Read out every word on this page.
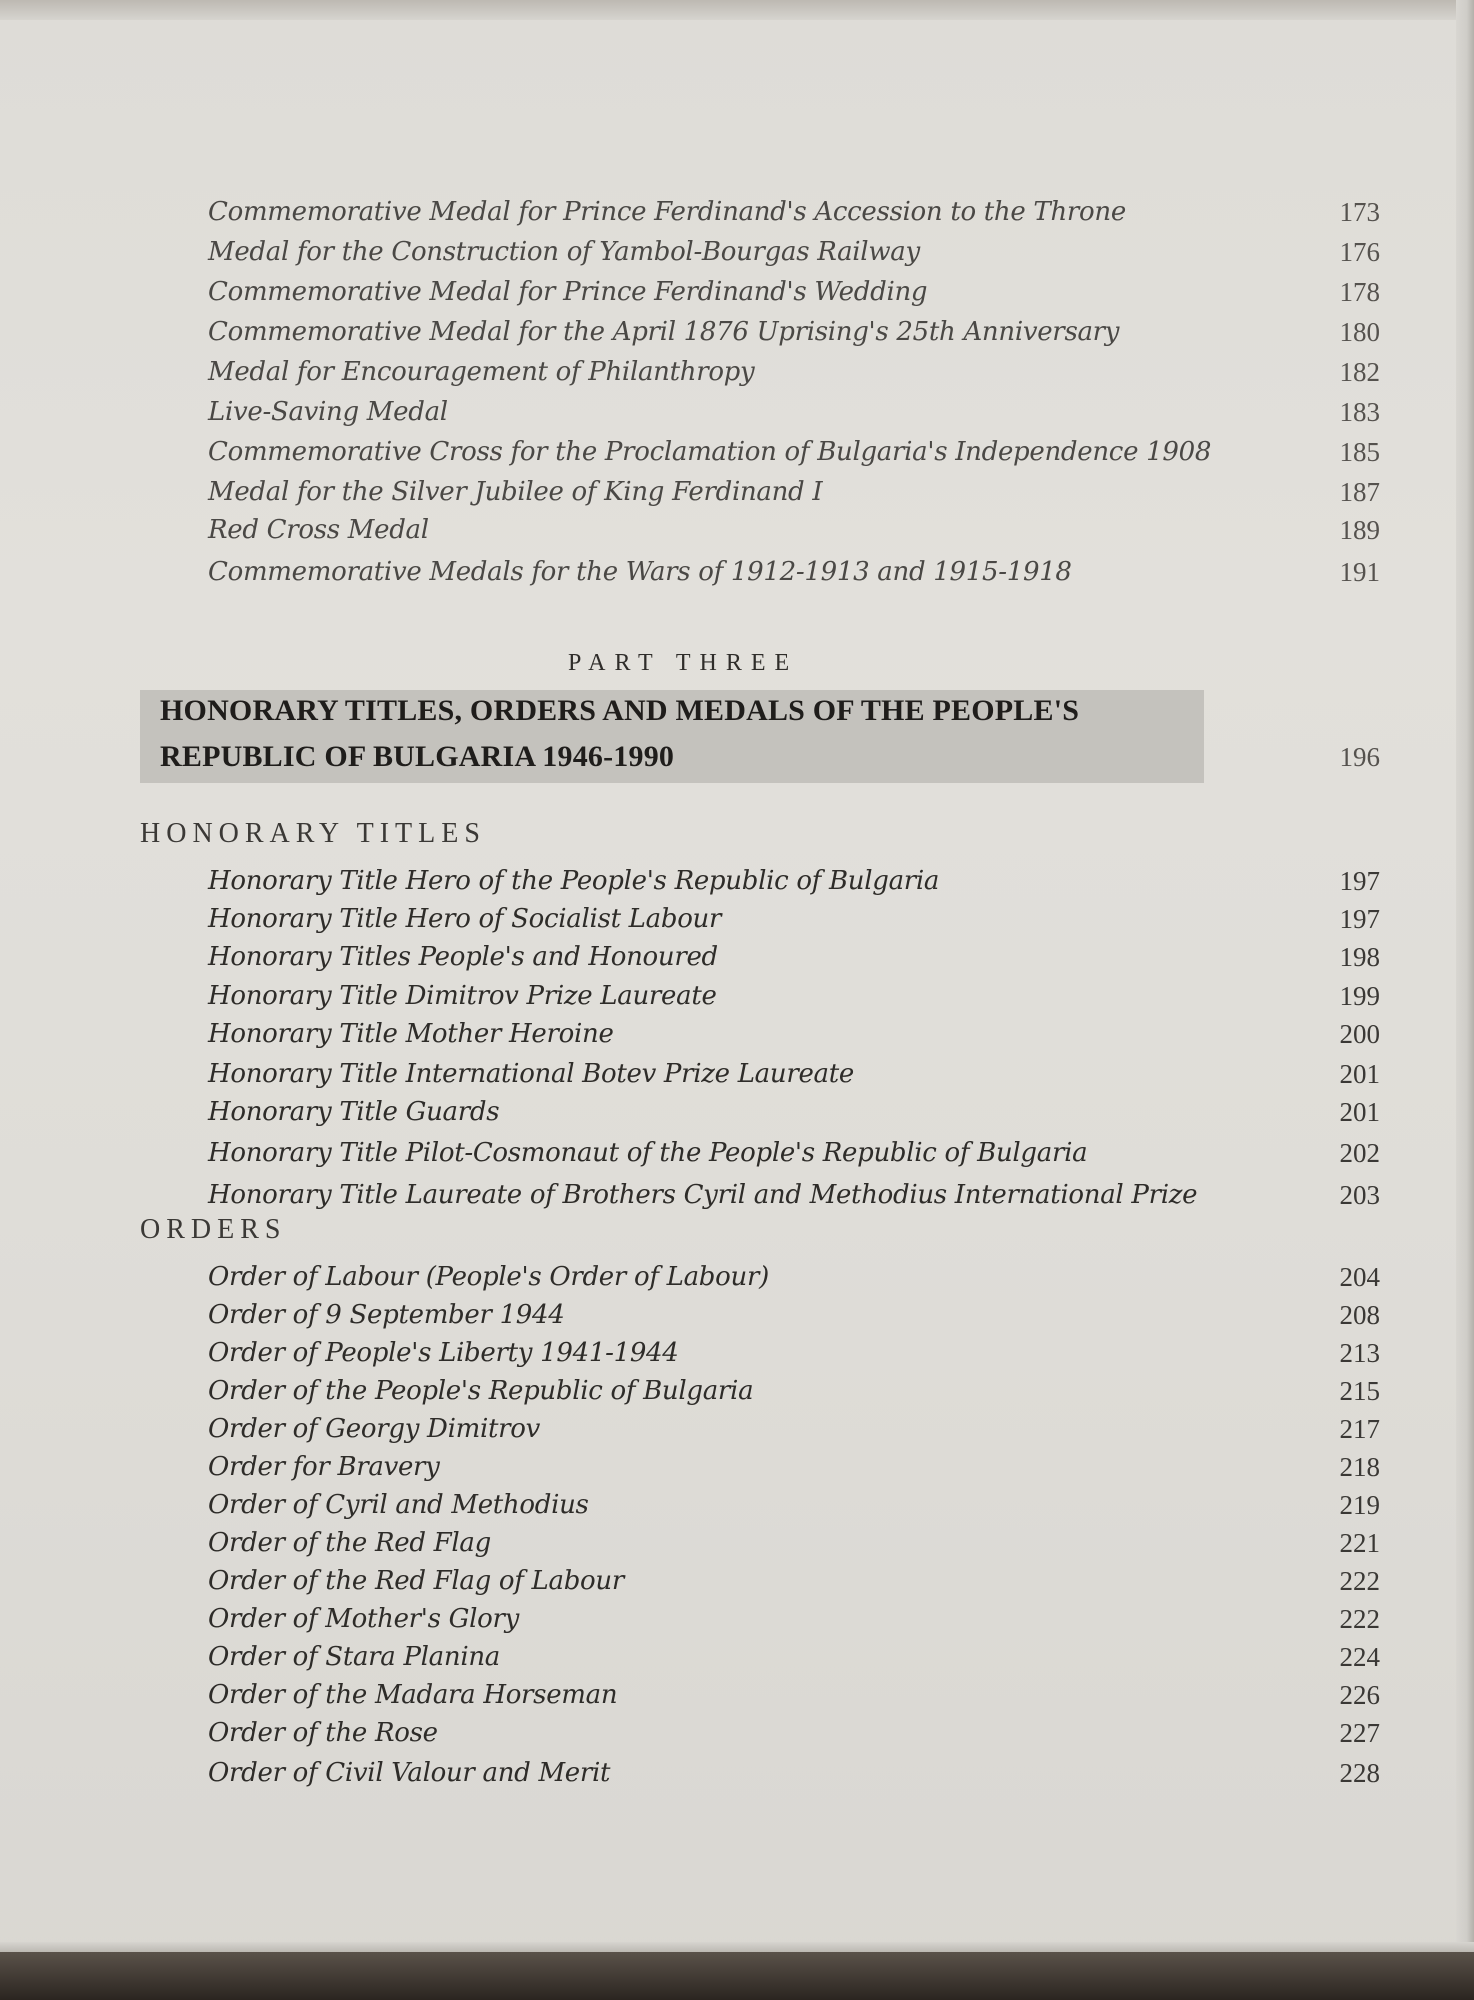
Commemorative Medal for Prince Ferdinand's Accession to the Throne	173
Medal for the Construction of Yambol-Bourgas Railway	176
Commemorative Medal for Prince Ferdinand's Wedding	178
Commemorative Medal for the April 1876 Uprising's 25th Anniversary	180
Medal for Encouragement of Philanthropy	182
Live-Saving Medal	183
Commemorative Cross for the Proclamation of Bulgaria's Independence 1908	185
Medal for the Silver Jubilee of King Ferdinand I	187
Red Cross Medal	189
Commemorative Medals for the Wars of 1912-1913 and 1915-1918	191
PART THREE
HONORARY TITLES, ORDERS AND MEDALS OF THE PEOPLE'S
REPUBLIC OF BULGARIA 1946-1990	196
HONORARY TITLES
Honorary Title Hero of the People's Republic of Bulgaria	197
Honorary Title Hero of Socialist Labour	197
Honorary Titles People's and Honoured	198
Honorary Title Dimitrov Prize Laureate	199
Honorary Title Mother Heroine	200
Honorary Title International Botev Prize Laureate	201
Honorary Title Guards	201
Honorary Title Pilot-Cosmonaut of the People's Republic of Bulgaria	202
Honorary Title Laureate of Brothers Cyril and Methodius International Prize	203
ORDERS
Order of Labour (People's Order of Labour)	204
Order of 9 September 1944	208
Order of People's Liberty 1941-1944	213
Order of the People's Republic of Bulgaria	215
Order of Georgy Dimitrov	217
Order for Bravery	218
Order of Cyril and Methodius	219
Order of the Red Flag	221
Order of the Red Flag of Labour	222
Order of Mother's Glory	222
Order of Stara Planina	224
Order of the Madara Horseman	226
Order of the Rose	227
Order of Civil Valour and Merit	228
